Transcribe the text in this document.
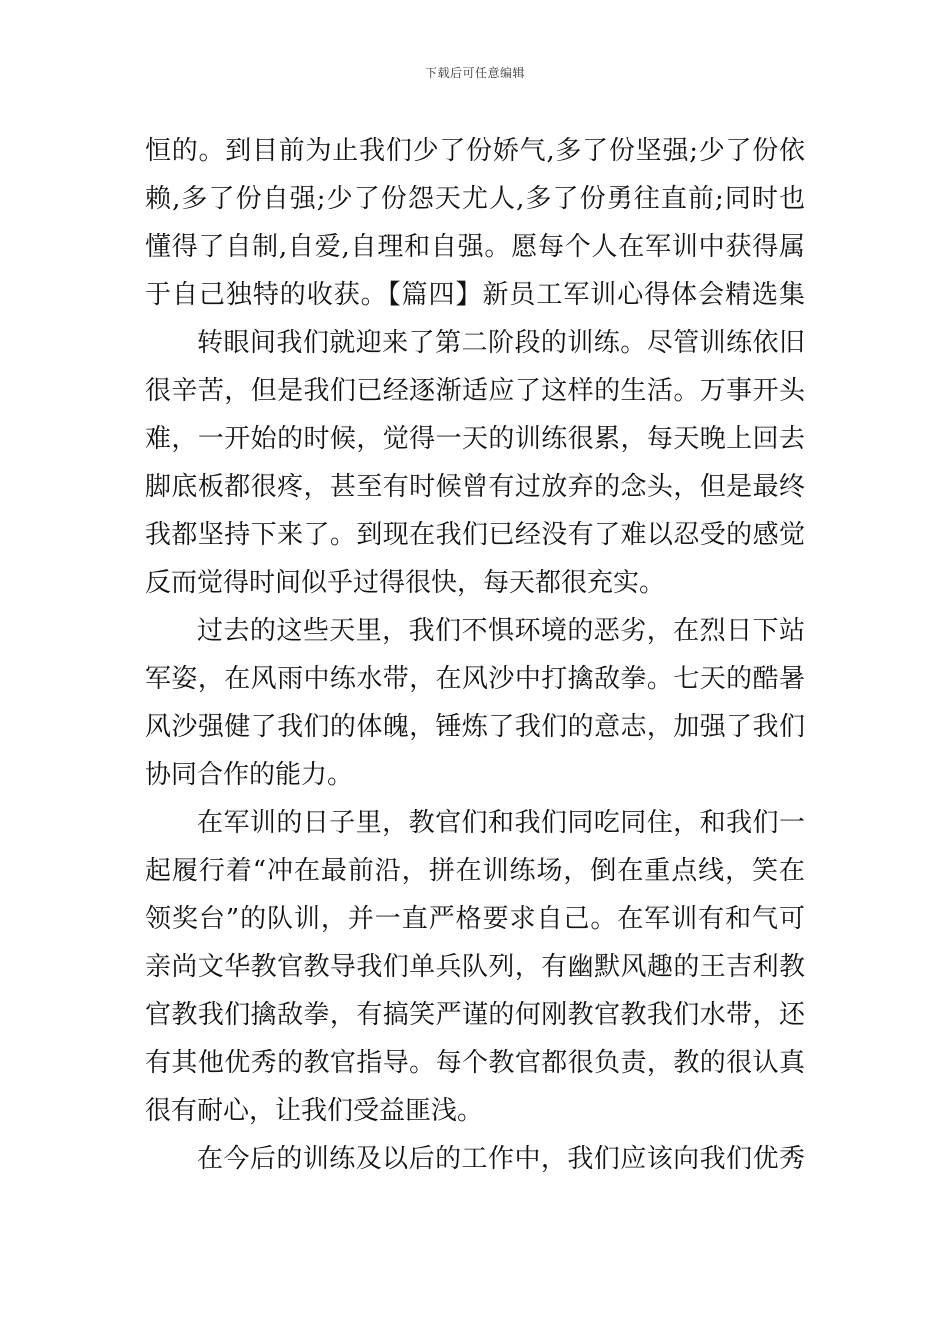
下载后可任意编辑
恒的。到目前为止我们少了份娇气,多了份坚强;少了份依
赖,多了份自强;少了份怨天尤人,多了份勇往直前;同时也
懂得了自制,自爱,自理和自强。愿每个人在军训中获得属
于自己独特的收获。【篇四】新员工军训心得体会精选集
转眼间我们就迎来了第二阶段的训练。尽管训练依旧
很辛苦，但是我们已经逐渐适应了这样的生活。万事开头
难，一开始的时候，觉得一天的训练很累，每天晚上回去
脚底板都很疼，甚至有时候曾有过放弃的念头，但是最终
我都坚持下来了。到现在我们已经没有了难以忍受的感觉
反而觉得时间似乎过得很快，每天都很充实。
过去的这些天里，我们不惧环境的恶劣，在烈日下站
军姿，在风雨中练水带，在风沙中打擒敌拳。七天的酷暑
风沙强健了我们的体魄，锤炼了我们的意志，加强了我们
协同合作的能力。
在军训的日子里，教官们和我们同吃同住，和我们一
起履行着“冲在最前沿，拼在训练场，倒在重点线，笑在
领奖台”的队训，并一直严格要求自己。在军训有和气可
亲尚文华教官教导我们单兵队列，有幽默风趣的王吉利教
官教我们擒敌拳，有搞笑严谨的何刚教官教我们水带，还
有其他优秀的教官指导。每个教官都很负责，教的很认真
很有耐心，让我们受益匪浅。
在今后的训练及以后的工作中，我们应该向我们优秀
